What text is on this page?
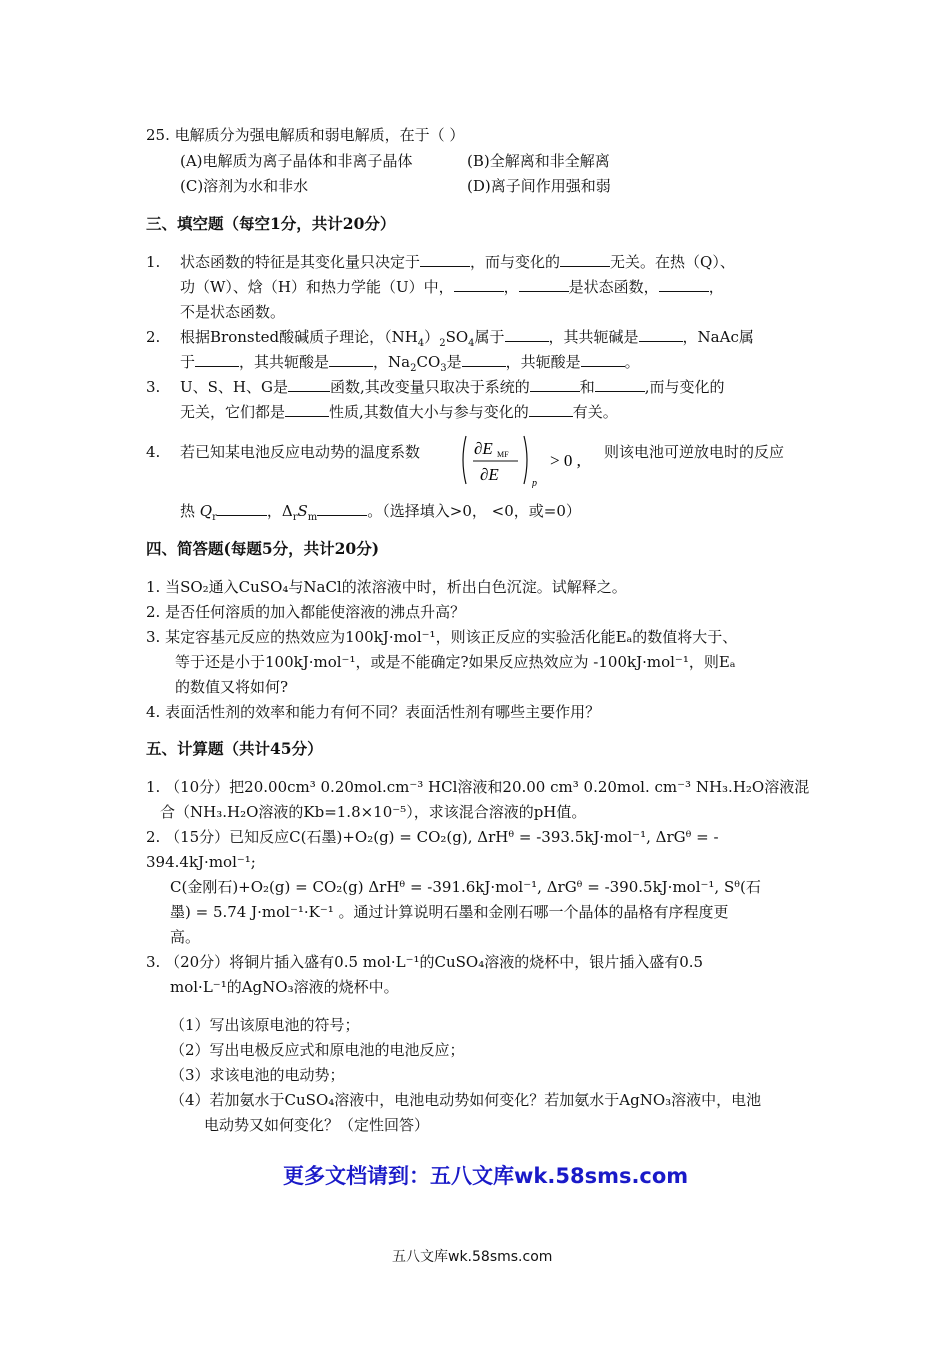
25. 电解质分为强电解质和弱电解质，在于（ ）
(A)电解质为离子晶体和非离子晶体	(B)全解离和非全解离
(C)溶剂为水和非水	(D)离子间作用强和弱
三、填空题（每空1分，共计20分）
1. 状态函数的特征是其变化量只决定于	，而与变化的	无关。在热（Q）、
功（W）、焓（H）和热力学能（U）中，	，	是状态函数，	，
不是状态函数。
2. 根据Bronsted酸碱质子理论，$(NH_4)_2SO_4$属于	，其共轭碱是	，NaAc属
于	，其共轭酸是	，$Na_2CO_3$是	，共轭酸是	。
3. U、S、H、G是	函数,其改变量只取决于系统的	和	,而与变化的
无关，它们都是	性质,其数值大小与参与变化的	有关。
4. 若已知某电池反应电动势的温度系数	∂E MF
∂E	p
> 0 , 则该电池可逆放电时的反应
热 $Q_r$	，$\Delta_rS_m$	。（选择填入>0， <0，或=0）
四、简答题(每题5分，共计20分)
1. 当SO₂通入CuSO₄与NaCl的浓溶液中时，析出白色沉淀。试解释之。
2. 是否任何溶质的加入都能使溶液的沸点升高？
3. 某定容基元反应的热效应为100kJ·mol⁻¹，则该正反应的实验活化能Eₐ的数值将大于、
等于还是小于100kJ·mol⁻¹，或是不能确定?如果反应热效应为 -100kJ·mol⁻¹，则Eₐ
的数值又将如何?
4. 表面活性剂的效率和能力有何不同？表面活性剂有哪些主要作用？
五、计算题（共计45分）
1. （10分）把20.00cm³ 0.20mol.cm⁻³ HCl溶液和20.00 cm³ 0.20mol. cm⁻³ NH₃.H₂O溶液混
合（NH₃.H₂O溶液的Kb=1.8×10⁻⁵），求该混合溶液的pH值。
2. （15分）已知反应C(石墨)+O₂(g) = CO₂(g), ΔrHᶿ = -393.5kJ·mol⁻¹, ΔrGᶿ = -
394.4kJ·mol⁻¹;
C(金刚石)+O₂(g) = CO₂(g) ΔrHᶿ = -391.6kJ·mol⁻¹, ΔrGᶿ = -390.5kJ·mol⁻¹, Sᶿ(石
墨) = 5.74 J·mol⁻¹·K⁻¹ 。通过计算说明石墨和金刚石哪一个晶体的晶格有序程度更
高。
3. （20分）将铜片插入盛有0.5 mol·L⁻¹的CuSO₄溶液的烧杯中，银片插入盛有0.5
mol·L⁻¹的AgNO₃溶液的烧杯中。
（1）写出该原电池的符号；
（2）写出电极反应式和原电池的电池反应；
（3）求该电池的电动势；
（4）若加氨水于CuSO₄溶液中，电池电动势如何变化？若加氨水于AgNO₃溶液中，电池
电动势又如何变化？（定性回答）
更多文档请到：五八文库wk.58sms.com
五八文库wk.58sms.com
